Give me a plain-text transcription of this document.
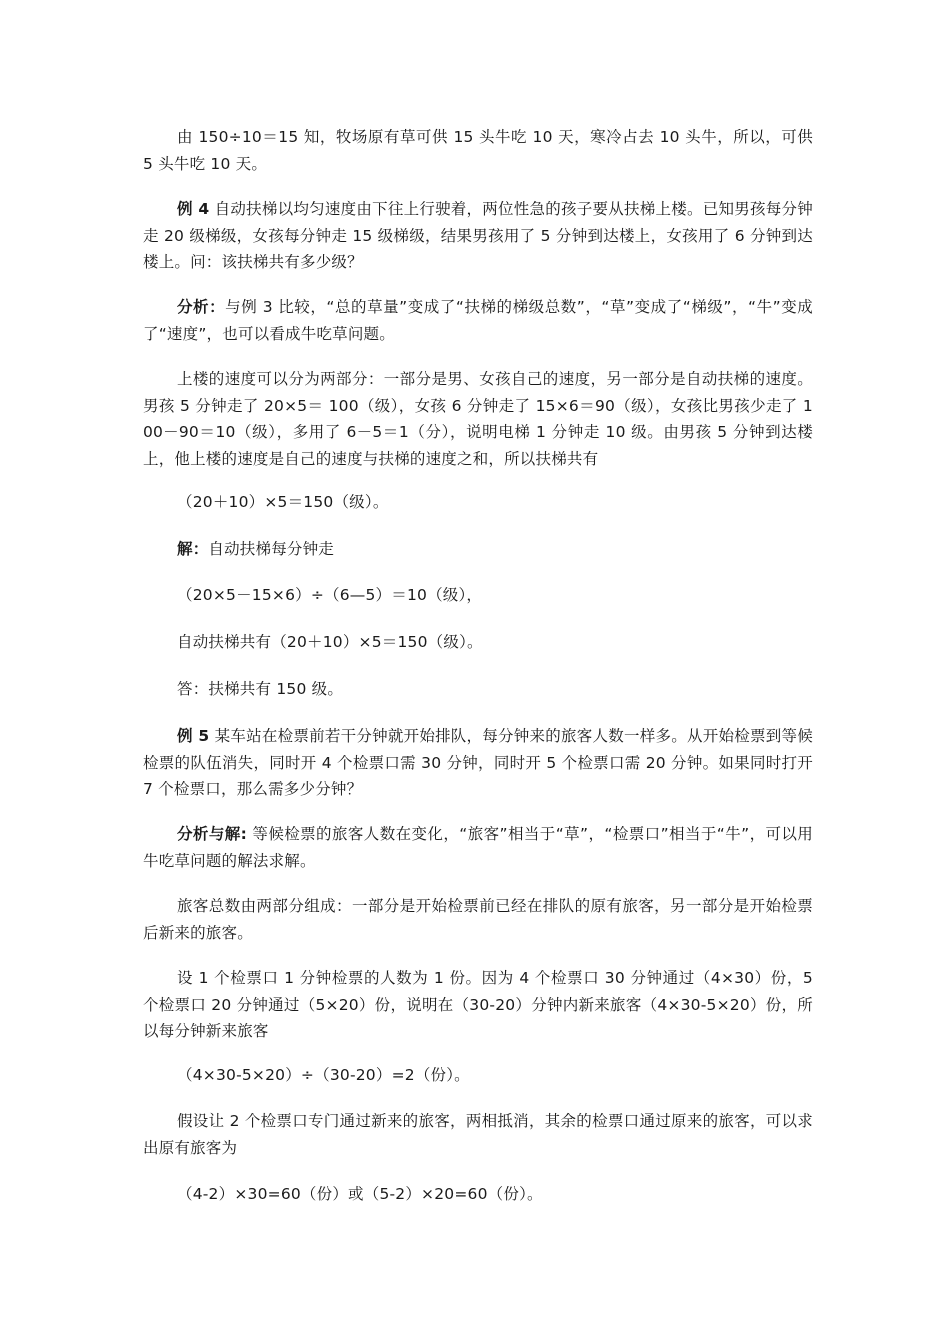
由 150÷10＝15 知，牧场原有草可供 15 头牛吃 10 天，寒冷占去 10 头牛，所以，可供 5 头牛吃 10 天。

例 4 自动扶梯以均匀速度由下往上行驶着，两位性急的孩子要从扶梯上楼。已知男孩每分钟走 20 级梯级，女孩每分钟走 15 级梯级，结果男孩用了 5 分钟到达楼上，女孩用了 6 分钟到达楼上。问：该扶梯共有多少级？

分析：与例 3 比较，“总的草量”变成了“扶梯的梯级总数”，“草”变成了“梯级”，“牛”变成了“速度”，也可以看成牛吃草问题。

上楼的速度可以分为两部分：一部分是男、女孩自己的速度，另一部分是自动扶梯的速度。男孩 5 分钟走了 20×5＝ 100（级），女孩 6 分钟走了 15×6＝90（级），女孩比男孩少走了 100－90＝10（级），多用了 6－5＝1（分），说明电梯 1 分钟走 10 级。由男孩 5 分钟到达楼上，他上楼的速度是自己的速度与扶梯的速度之和，所以扶梯共有

（20＋10）×5＝150（级）。

解：自动扶梯每分钟走

（20×5－15×6）÷（6—5）＝10（级），

自动扶梯共有（20＋10）×5＝150（级）。

答：扶梯共有 150 级。

例 5 某车站在检票前若干分钟就开始排队，每分钟来的旅客人数一样多。从开始检票到等候检票的队伍消失，同时开 4 个检票口需 30 分钟，同时开 5 个检票口需 20 分钟。如果同时打开 7 个检票口，那么需多少分钟？

分析与解: 等候检票的旅客人数在变化，“旅客”相当于“草”，“检票口”相当于“牛”，可以用牛吃草问题的解法求解。

旅客总数由两部分组成：一部分是开始检票前已经在排队的原有旅客，另一部分是开始检票后新来的旅客。

设 1 个检票口 1 分钟检票的人数为 1 份。因为 4 个检票口 30 分钟通过（4×30）份，5 个检票口 20 分钟通过（5×20）份，说明在（30-20）分钟内新来旅客（4×30-5×20）份，所以每分钟新来旅客

（4×30-5×20）÷（30-20）=2（份）。

假设让 2 个检票口专门通过新来的旅客，两相抵消，其余的检票口通过原来的旅客，可以求出原有旅客为

（4-2）×30=60（份）或（5-2）×20=60（份）。
